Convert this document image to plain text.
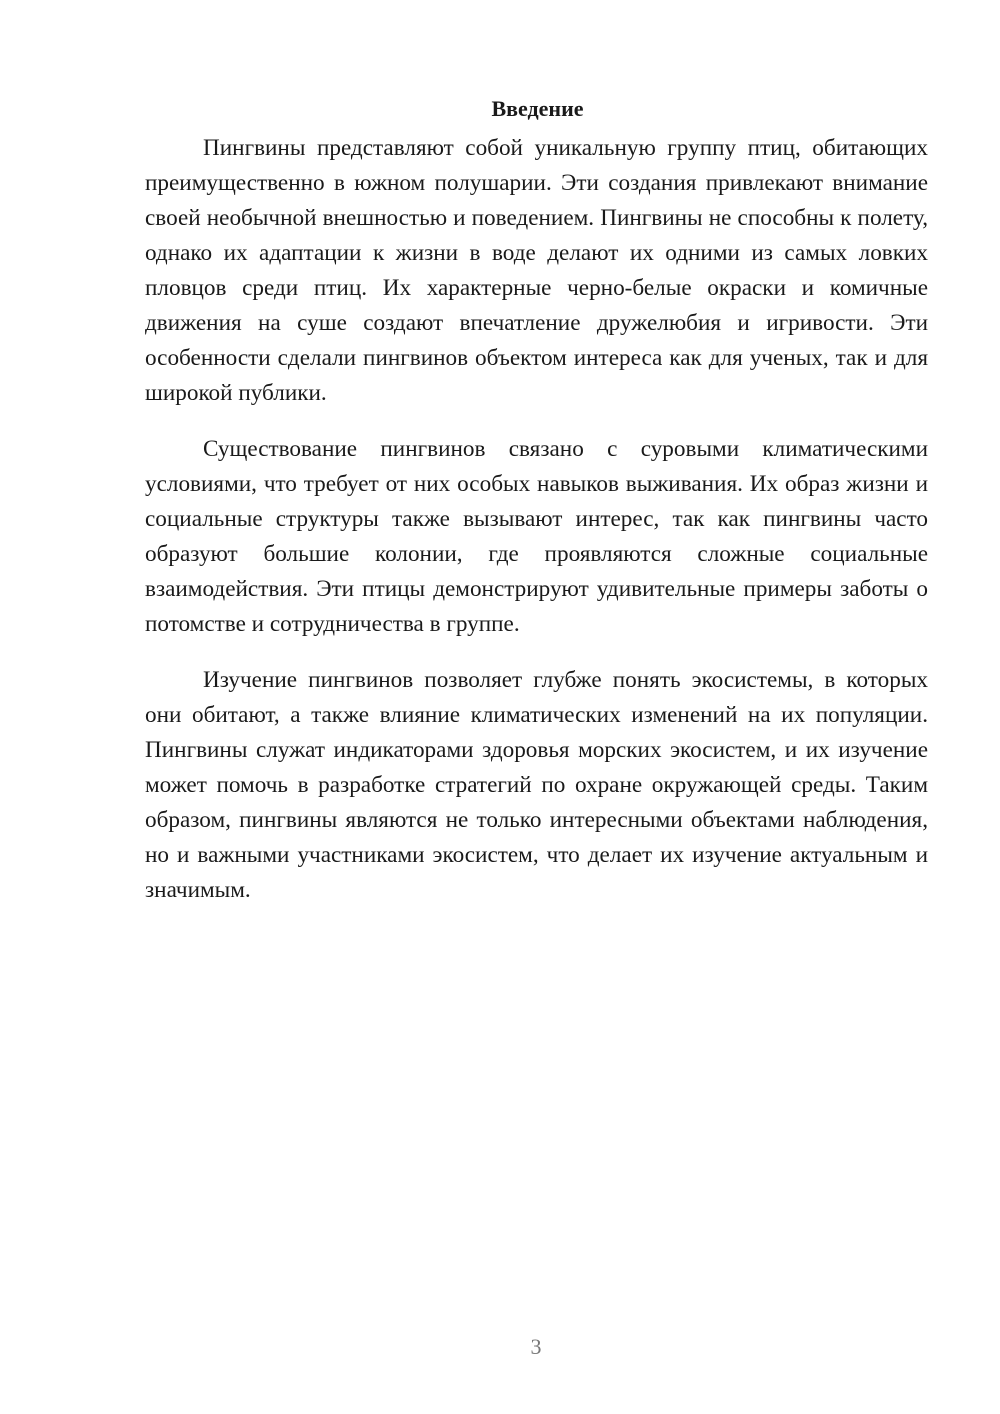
Введение

Пингвины представляют собой уникальную группу птиц, обитающих преимущественно в южном полушарии. Эти создания привлекают внимание своей необычной внешностью и поведением. Пингвины не способны к полету, однако их адаптации к жизни в воде делают их одними из самых ловких пловцов среди птиц. Их характерные черно-белые окраски и комичные движения на суше создают впечатление дружелюбия и игривости. Эти особенности сделали пингвинов объектом интереса как для ученых, так и для широкой публики.

Существование пингвинов связано с суровыми климатическими условиями, что требует от них особых навыков выживания. Их образ жизни и социальные структуры также вызывают интерес, так как пингвины часто образуют большие колонии, где проявляются сложные социальные взаимодействия. Эти птицы демонстрируют удивительные примеры заботы о потомстве и сотрудничества в группе.

Изучение пингвинов позволяет глубже понять экосистемы, в которых они обитают, а также влияние климатических изменений на их популяции. Пингвины служат индикаторами здоровья морских экосистем, и их изучение может помочь в разработке стратегий по охране окружающей среды. Таким образом, пингвины являются не только интересными объектами наблюдения, но и важными участниками экосистем, что делает их изучение актуальным и значимым.

3
